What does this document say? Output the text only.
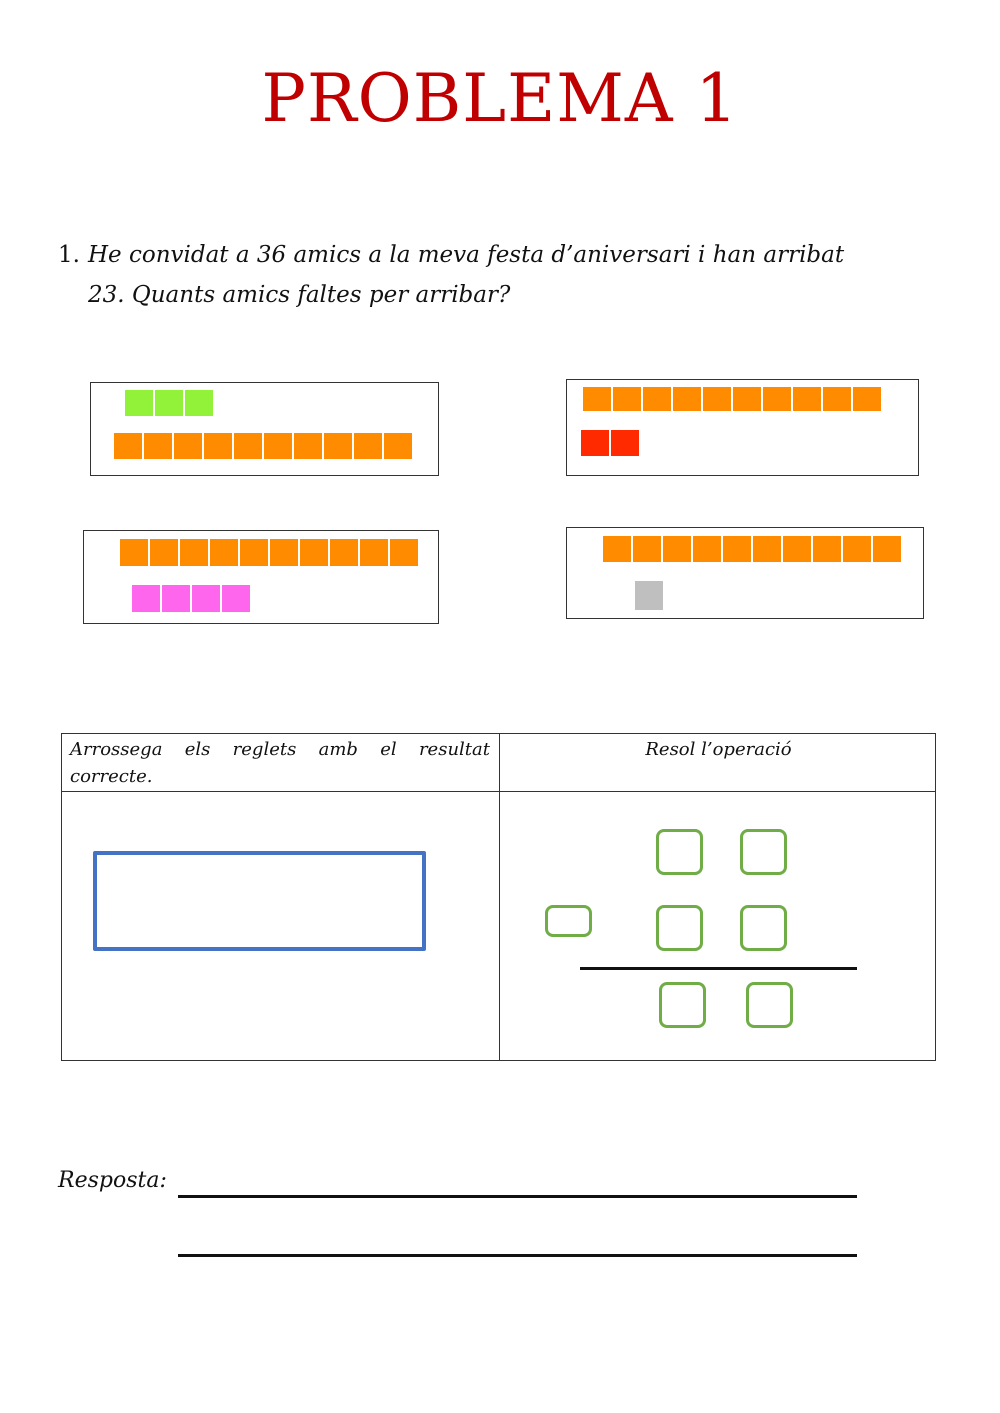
PROBLEMA 1
1. He convidat a 36 amics a la meva festa d’aniversari i han arribat
23. Quants amics faltes per arribar?
Arrossega els reglets amb el resultat correcte.
Resol l’operació
Resposta:
